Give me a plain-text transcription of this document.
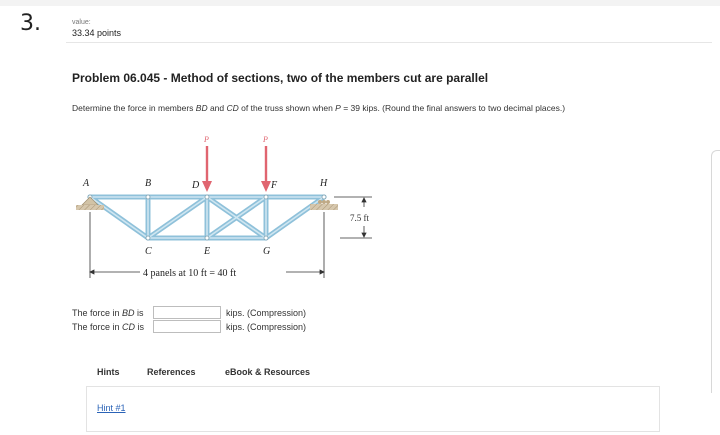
3.	value:
33.34 points
Problem 06.045 - Method of sections, two of the members cut are parallel
Determine the force in members BD and CD of the truss shown when P = 39 kips. (Round the final answers to two decimal places.)
A	B	D	F	H
C	E	G
P	P
7.5 ft
4 panels at 10 ft = 40 ft
The force in BD is	kips. (Compression)
The force in CD is	kips. (Compression)
Hints	References	eBook & Resources
Hint #1
